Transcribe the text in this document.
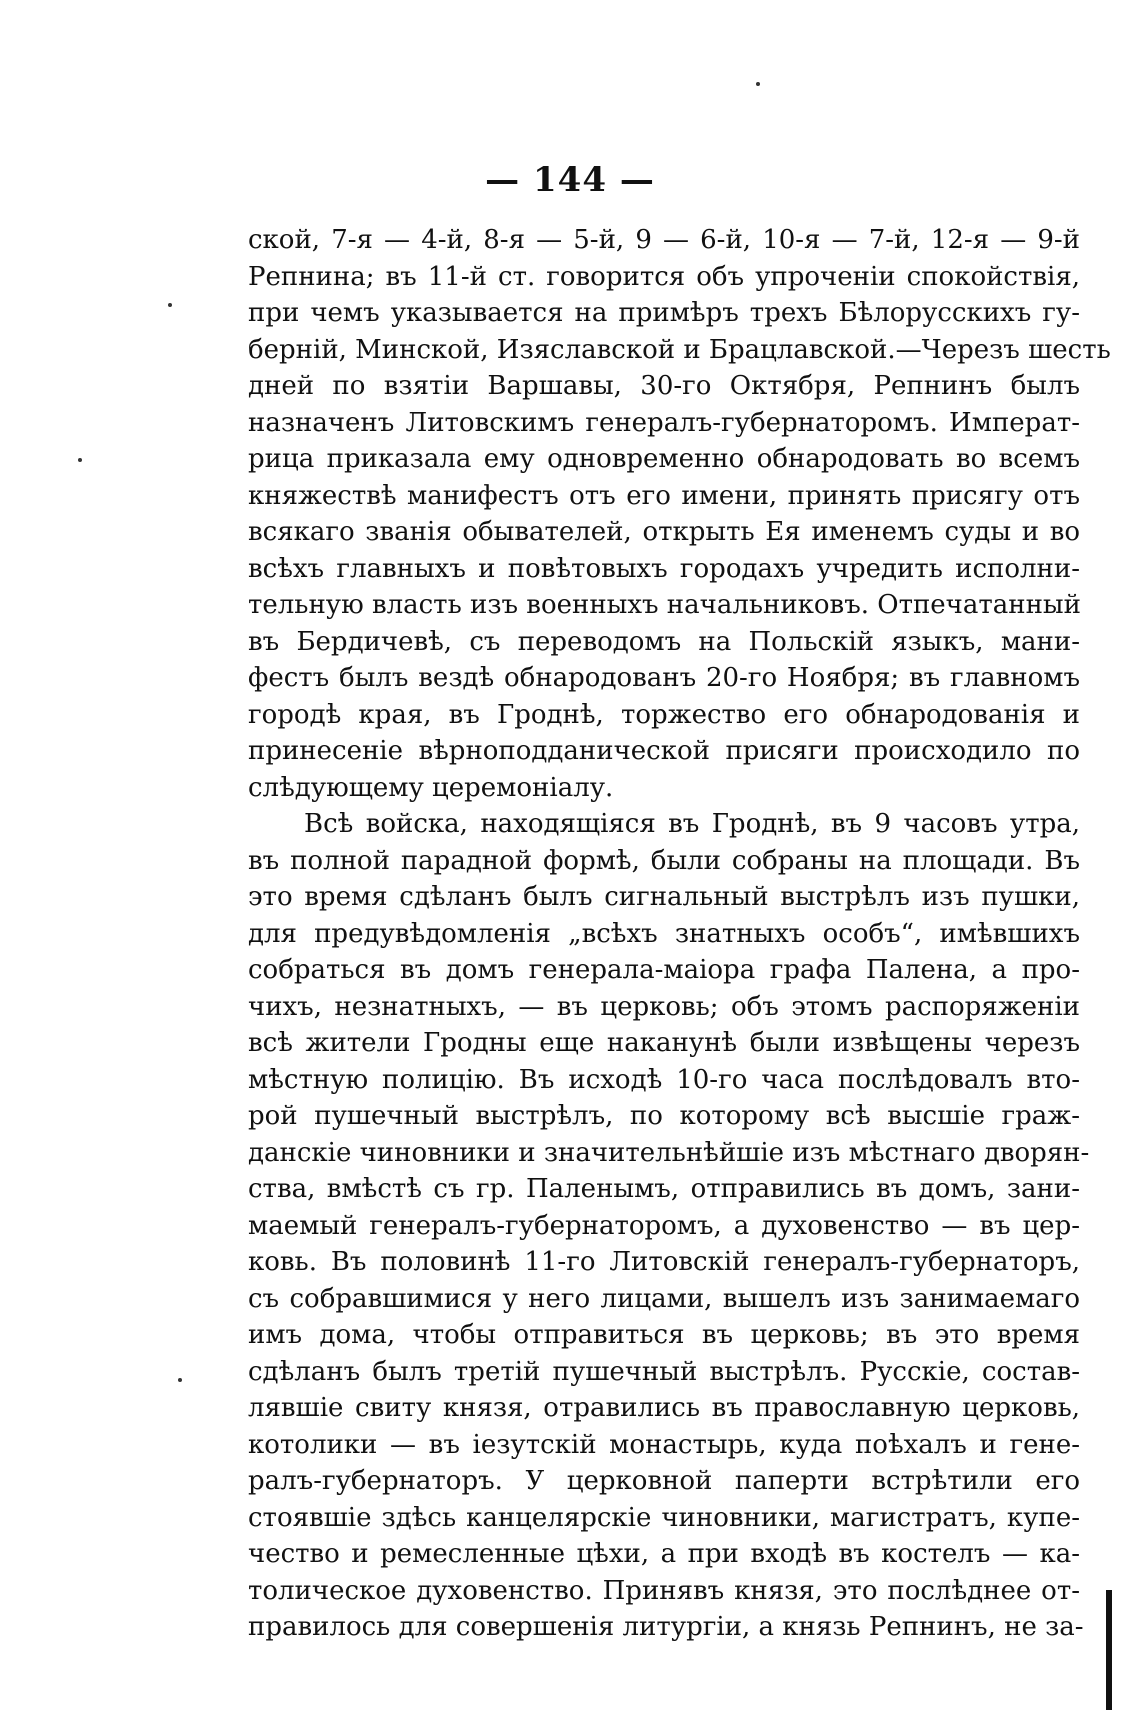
— 144 —

ской, 7-я — 4-й, 8-я — 5-й, 9 — 6-й, 10-я — 7-й, 12-я — 9-й
Репнина; въ 11-й ст. говорится объ упроченіи спокойствія,
при чемъ указывается на примѣръ трехъ Бѣлорусскихъ гу-
берній, Минской, Изяславской и Брацлавской.—Черезъ шесть
дней по взятіи Варшавы, 30-го Октября, Репнинъ былъ
назначенъ Литовскимъ генералъ-губернаторомъ. Императ-
рица приказала ему одновременно обнародовать во всемъ
княжествѣ манифестъ отъ его имени, принять присягу отъ
всякаго званія обывателей, открыть Ея именемъ суды и во
всѣхъ главныхъ и повѣтовыхъ городахъ учредить исполни-
тельную власть изъ военныхъ начальниковъ. Отпечатанный
въ Бердичевѣ, съ переводомъ на Польскій языкъ, мани-
фестъ былъ вездѣ обнародованъ 20-го Ноября; въ главномъ
городѣ края, въ Гроднѣ, торжество его обнародованія и
принесеніе вѣрноподданической присяги происходило по
слѣдующему церемоніалу.

Всѣ войска, находящіяся въ Гроднѣ, въ 9 часовъ утра,
въ полной парадной формѣ, были собраны на площади. Въ
это время сдѣланъ былъ сигнальный выстрѣлъ изъ пушки,
для предувѣдомленія „всѣхъ знатныхъ особъ“, имѣвшихъ
собраться въ домъ генерала-маіора графа Палена, а про-
чихъ, незнатныхъ, — въ церковь; объ этомъ распоряженіи
всѣ жители Гродны еще наканунѣ были извѣщены черезъ
мѣстную полицію. Въ исходѣ 10-го часа послѣдовалъ вто-
рой пушечный выстрѣлъ, по которому всѣ высшіе граж-
данскіе чиновники и значительнѣйшіе изъ мѣстнаго дворян-
ства, вмѣстѣ съ гр. Паленымъ, отправились въ домъ, зани-
маемый генералъ-губернаторомъ, а духовенство — въ цер-
ковь. Въ половинѣ 11-го Литовскій генералъ-губернаторъ,
съ собравшимися у него лицами, вышелъ изъ занимаемаго
имъ дома, чтобы отправиться въ церковь; въ это время
сдѣланъ былъ третій пушечный выстрѣлъ. Русскіе, состав-
лявшіе свиту князя, отравились въ православную церковь,
котолики — въ іезутскій монастырь, куда поѣхалъ и гене-
ралъ-губернаторъ. У церковной паперти встрѣтили его
стоявшіе здѣсь канцелярскіе чиновники, магистратъ, купе-
чество и ремесленные цѣхи, а при входѣ въ костелъ — ка-
толическое духовенство. Принявъ князя, это послѣднее от-
правилось для совершенія литургіи, а князь Репнинъ, не за-
